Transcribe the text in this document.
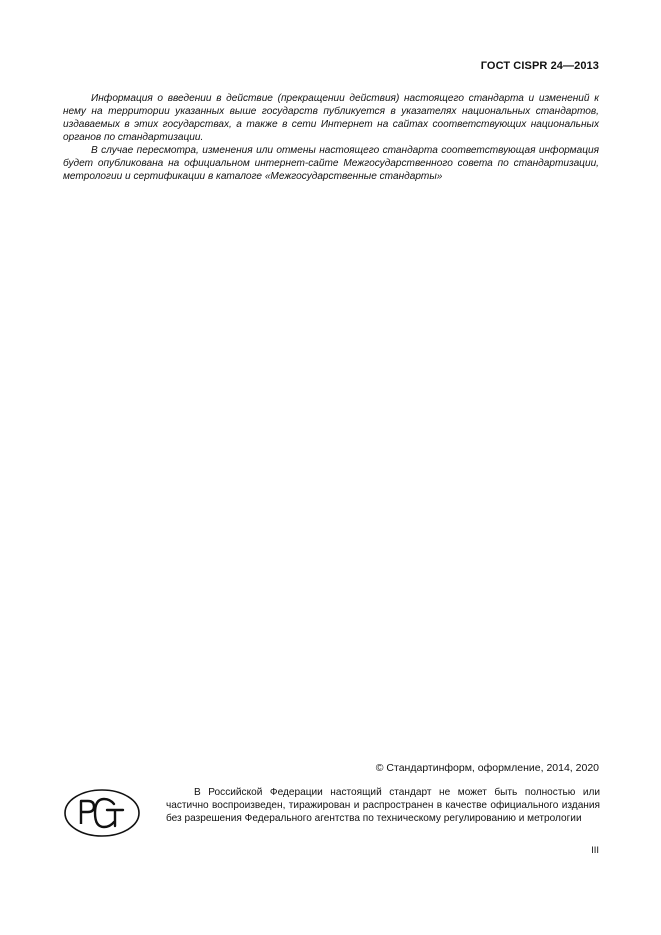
ГОСТ CISPR 24—2013

Информация о введении в действие (прекращении действия) настоящего стандарта и изменений к нему на территории указанных выше государств публикуется в указателях национальных стандартов, издаваемых в этих государствах, а также в сети Интернет на сайтах соответствующих национальных органов по стандартизации.

В случае пересмотра, изменения или отмены настоящего стандарта соответствующая информация будет опубликована на официальном интернет-сайте Межгосударственного совета по стандартизации, метрологии и сертификации в каталоге «Межгосударственные стандарты»

© Стандартинформ, оформление, 2014, 2020

В Российской Федерации настоящий стандарт не может быть полностью или частично воспроизведен, тиражирован и распространен в качестве официального издания без разрешения Федерального агентства по техническому регулированию и метрологии

III
